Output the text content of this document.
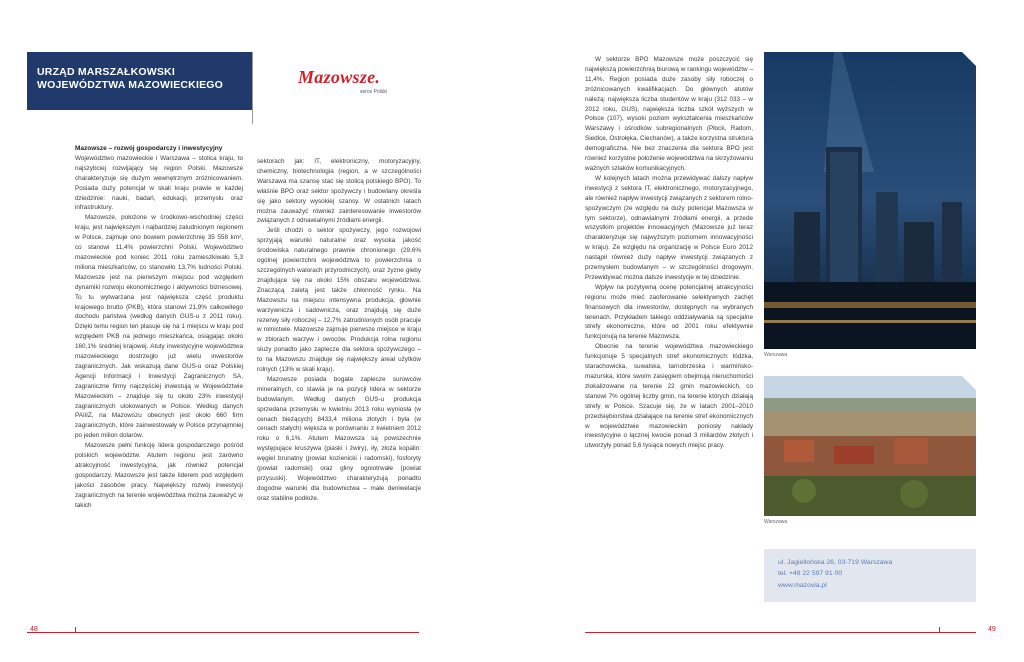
URZĄD MARSZAŁKOWSKI
WOJEWÓDZTWA MAZOWIECKIEGO	Mazowsze.
serce Polski
Mazowsze – rozwój gospodarczy i inwestycyjny

Województwo mazowieckie i Warszawa – stolica kraju, to najszybciej rozwijający się region Polski. Mazowsze charakteryzuje się dużym wewnętrznym zróżnicowaniem. Posiada duży potencjał w skali kraju prawie w każdej dziedzinie: nauki, badań, edukacji, przemysłu oraz infrastruktury.

Mazowsze, położone w środkowo-wschodniej części kraju, jest największym i najbardziej zaludnionym regionem w Polsce, zajmuje ono bowiem powierzchnię 35 558 km², co stanowi 11,4% powierzchni Polski. Województwo mazowieckie pod koniec 2011 roku zamieszkiwało 5,3 miliona mieszkańców, co stanowiło 13,7% ludności Polski. Mazowsze jest na pierwszym miejscu pod względem dynamiki rozwoju ekonomicznego i aktywności biznesowej. To tu wytwarzana jest największa część produktu krajowego brutto (PKB), która stanowi 21,9% całkowitego dochodu państwa (według danych GUS-u z 2011 roku). Dzięki temu region ten plasuje się na 1 miejscu w kraju pod względem PKB na jednego mieszkańca, osiągając około 160,1% średniej krajowej. Atuty inwestycyjne województwa mazowieckiego dostrzegło już wielu inwestorów zagranicznych. Jak wskazują dane GUS-u oraz Polskiej Agencji Informacji i Inwestycji Zagranicznych SA, zagraniczne firmy najczęściej inwestują w Województwie Mazowieckim – znajduje się tu około 23% inwestycji zagranicznych ulokowanych w Polsce. Według danych PAIiIZ, na Mazowszu obecnych jest około 660 firm zagranicznych, które zainwestowały w Polsce przynajmniej po jeden milion dolarów.

Mazowsze pełni funkcję lidera gospodarczego pośród polskich województw. Atutem regionu jest zarówno atrakcyjność inwestycyjna, jak również potencjał gospodarczy. Mazowsze jest także liderem pod względem jakości zasobów pracy. Największy rozwój inwestycji zagranicznych na terenie województwa można zauważyć w takich

sektorach jak: IT, elektroniczny, motoryzacyjny, chemiczny, biotechnologia (region, a w szczególności Warszawa ma szansę stać się stolicą polskiego BPO). To właśnie BPO oraz sektor spożywczy i budowlany określa się jako sektory wysokiej szansy. W ostatnich latach można zauważyć również zainteresowanie inwestorów związanych z odnawialnymi źródłami energii.

Jeśli chodzi o sektor spożywczy, jego rozwojowi sprzyjają warunki naturalne oraz wysoka jakość środowiska naturalnego prawnie chronionego (29,6% ogólnej powierzchni województwa to powierzchnia o szczególnych walorach przyrodniczych), oraz żyzne gleby znajdujące się na około 15% obszaru województwa. Znaczącą zaletą jest także chłonność rynku. Na Mazowszu na miejscu intensywna produkcja, głównie warzywnicza i sadownicza, oraz znajdują się duże rezerwy siły roboczej – 12,7% zatrudnionych osób pracuje w rolnictwie. Mazowsze zajmuje pierwsze miejsce w kraju w zbiorach warzyw i owoców. Produkcja rolna regionu służy ponadto jako zaplecze dla sektora spożywczego – to na Mazowszu znajduje się największy areał użytków rolnych (13% w skali kraju).

Mazowsze posiada bogate zaplecze surowców mineralnych, co stawia je na pozycji lidera w sektorze budowlanym. Według danych GUS-u produkcja sprzedana przemysłu w kwietniu 2013 roku wyniosła (w cenach bieżących) 8433,4 miliona złotych i była (w cenach stałych) większa w porównaniu z kwietniem 2012 roku o 6,1%. Atutem Mazowsza są powszechnie występujące kruszywa (piaski i żwiry), iły, złoża kopalin: węgiel brunatny (powiat kozienicki i radomski), fosforyty (powiat radomski) oraz gliny ogniotrwałe (powiat przysuski). Województwo charakteryzują ponadto dogodne warunki dla budownictwa – małe deniwelacje oraz stabilne podłoże.

W sektorze BPO Mazowsze może poszczycić się największą powierzchnią biurową w rankingu województw – 11,4%. Region posiada duże zasoby siły roboczej o zróżnicowanych kwalifikacjach. Do głównych atutów należą: największa liczba studentów w kraju (312 033 – w 2012 roku, GUS), największa liczba szkół wyższych w Polsce (107), wysoki poziom wykształcenia mieszkańców Warszawy i ośrodków subregionalnych (Płock, Radom, Siedlce, Ostrołęka, Ciechanów), a także korzystna struktura demograficzna. Nie bez znaczenia dla sektora BPO jest również korzystne położenie województwa na skrzyżowaniu ważnych szlaków komunikacyjnych.

W kolejnych latach można przewidywać dalszy napływ inwestycji z sektora IT, elektronicznego, motoryzacyjnego, ale również napływ inwestycji związanych z sektorem rolno-spożywczym (ze względu na duży potencjał Mazowsza w tym sektorze), odnawialnymi źródłami energii, a przede wszystkim projektów innowacyjnych (Mazowsze już teraz charakteryzuje się najwyższym poziomem innowacyjności w kraju). Ze względu na organizację w Polsce Euro 2012 nastąpił również duży napływ inwestycji związanych z przemysłem budowlanym – w szczególności drogowym. Przewidywać można dalsze inwestycje w tej dziedzinie.

Wpływ na pozytywną ocenę potencjalnej atrakcyjności regionu może mieć zaoferowanie selektywnych zachęt finansowych dla inwestorów, dostępnych na wybranych terenach. Przykładem takiego oddziaływania są specjalne strefy ekonomiczne, które od 2001 roku efektywnie funkcjonują na terenie Mazowsza.

Obecnie na terenie województwa mazowieckiego funkcjonuje 5 specjalnych stref ekonomicznych: łódzka, starachowicka, suwalska, tarnobrzeska i warmińsko-mazurska, które swoim zasięgiem obejmują nieruchomości zlokalizowane na terenie 22 gmin mazowieckich, co stanowi 7% ogólnej liczby gmin, na terenie których działają strefy w Polsce. Szacuje się, że w latach 2001–2010 przedsiębiorstwa działające na terenie stref ekonomicznych w województwie mazowieckim poniosły nakłady inwestycyjne o łącznej kwocie ponad 3 miliardów złotych i utworzyły ponad 5,6 tysiąca nowych miejsc pracy.

Warszawa
Warszawa
ul. Jagiellońska 26, 03-719 Warszawa
tel. +48 22 597 91 00
www.mazovia.pl
48	49
